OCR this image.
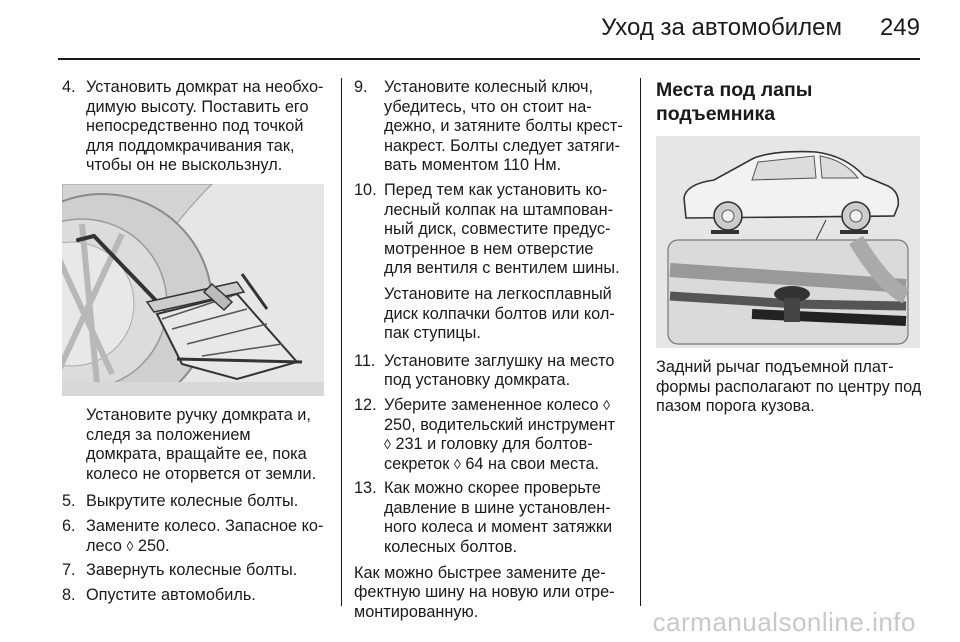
Уход за автомобилем 249
4. Установить домкрат на необходимую высоту. Поставить его непосредственно под точкой для поддомкрачивания так, чтобы он не выскользнул.
Установите ручку домкрата и, следя за положением домкрата, вращайте ее, пока колесо не оторвется от земли.
5. Выкрутите колесные болты.
6. Замените колесо. Запасное колесо ◊ 250.
7. Завернуть колесные болты.
8. Опустите автомобиль.
9. Установите колесный ключ, убедитесь, что он стоит надежно, и затяните болты крестнакрест. Болты следует затягивать моментом 110 Нм.
10. Перед тем как установить колесный колпак на штампованный диск, совместите предусмотренное в нем отверстие для вентиля с вентилем шины.
Установите на легкосплавный диск колпачки болтов или колпак ступицы.
11. Установите заглушку на место под установку домкрата.
12. Уберите замененное колесо ◊ 250, водительский инструмент ◊ 231 и головку для болтов-секреток ◊ 64 на свои места.
13. Как можно скорее проверьте давление в шине установленного колеса и момент затяжки колесных болтов.
Как можно быстрее замените дефектную шину на новую или отремонтированную.
Места под лапы подъемника
Задний рычаг подъемной платформы располагают по центру под пазом порога кузова.
carmanualsonline.info
